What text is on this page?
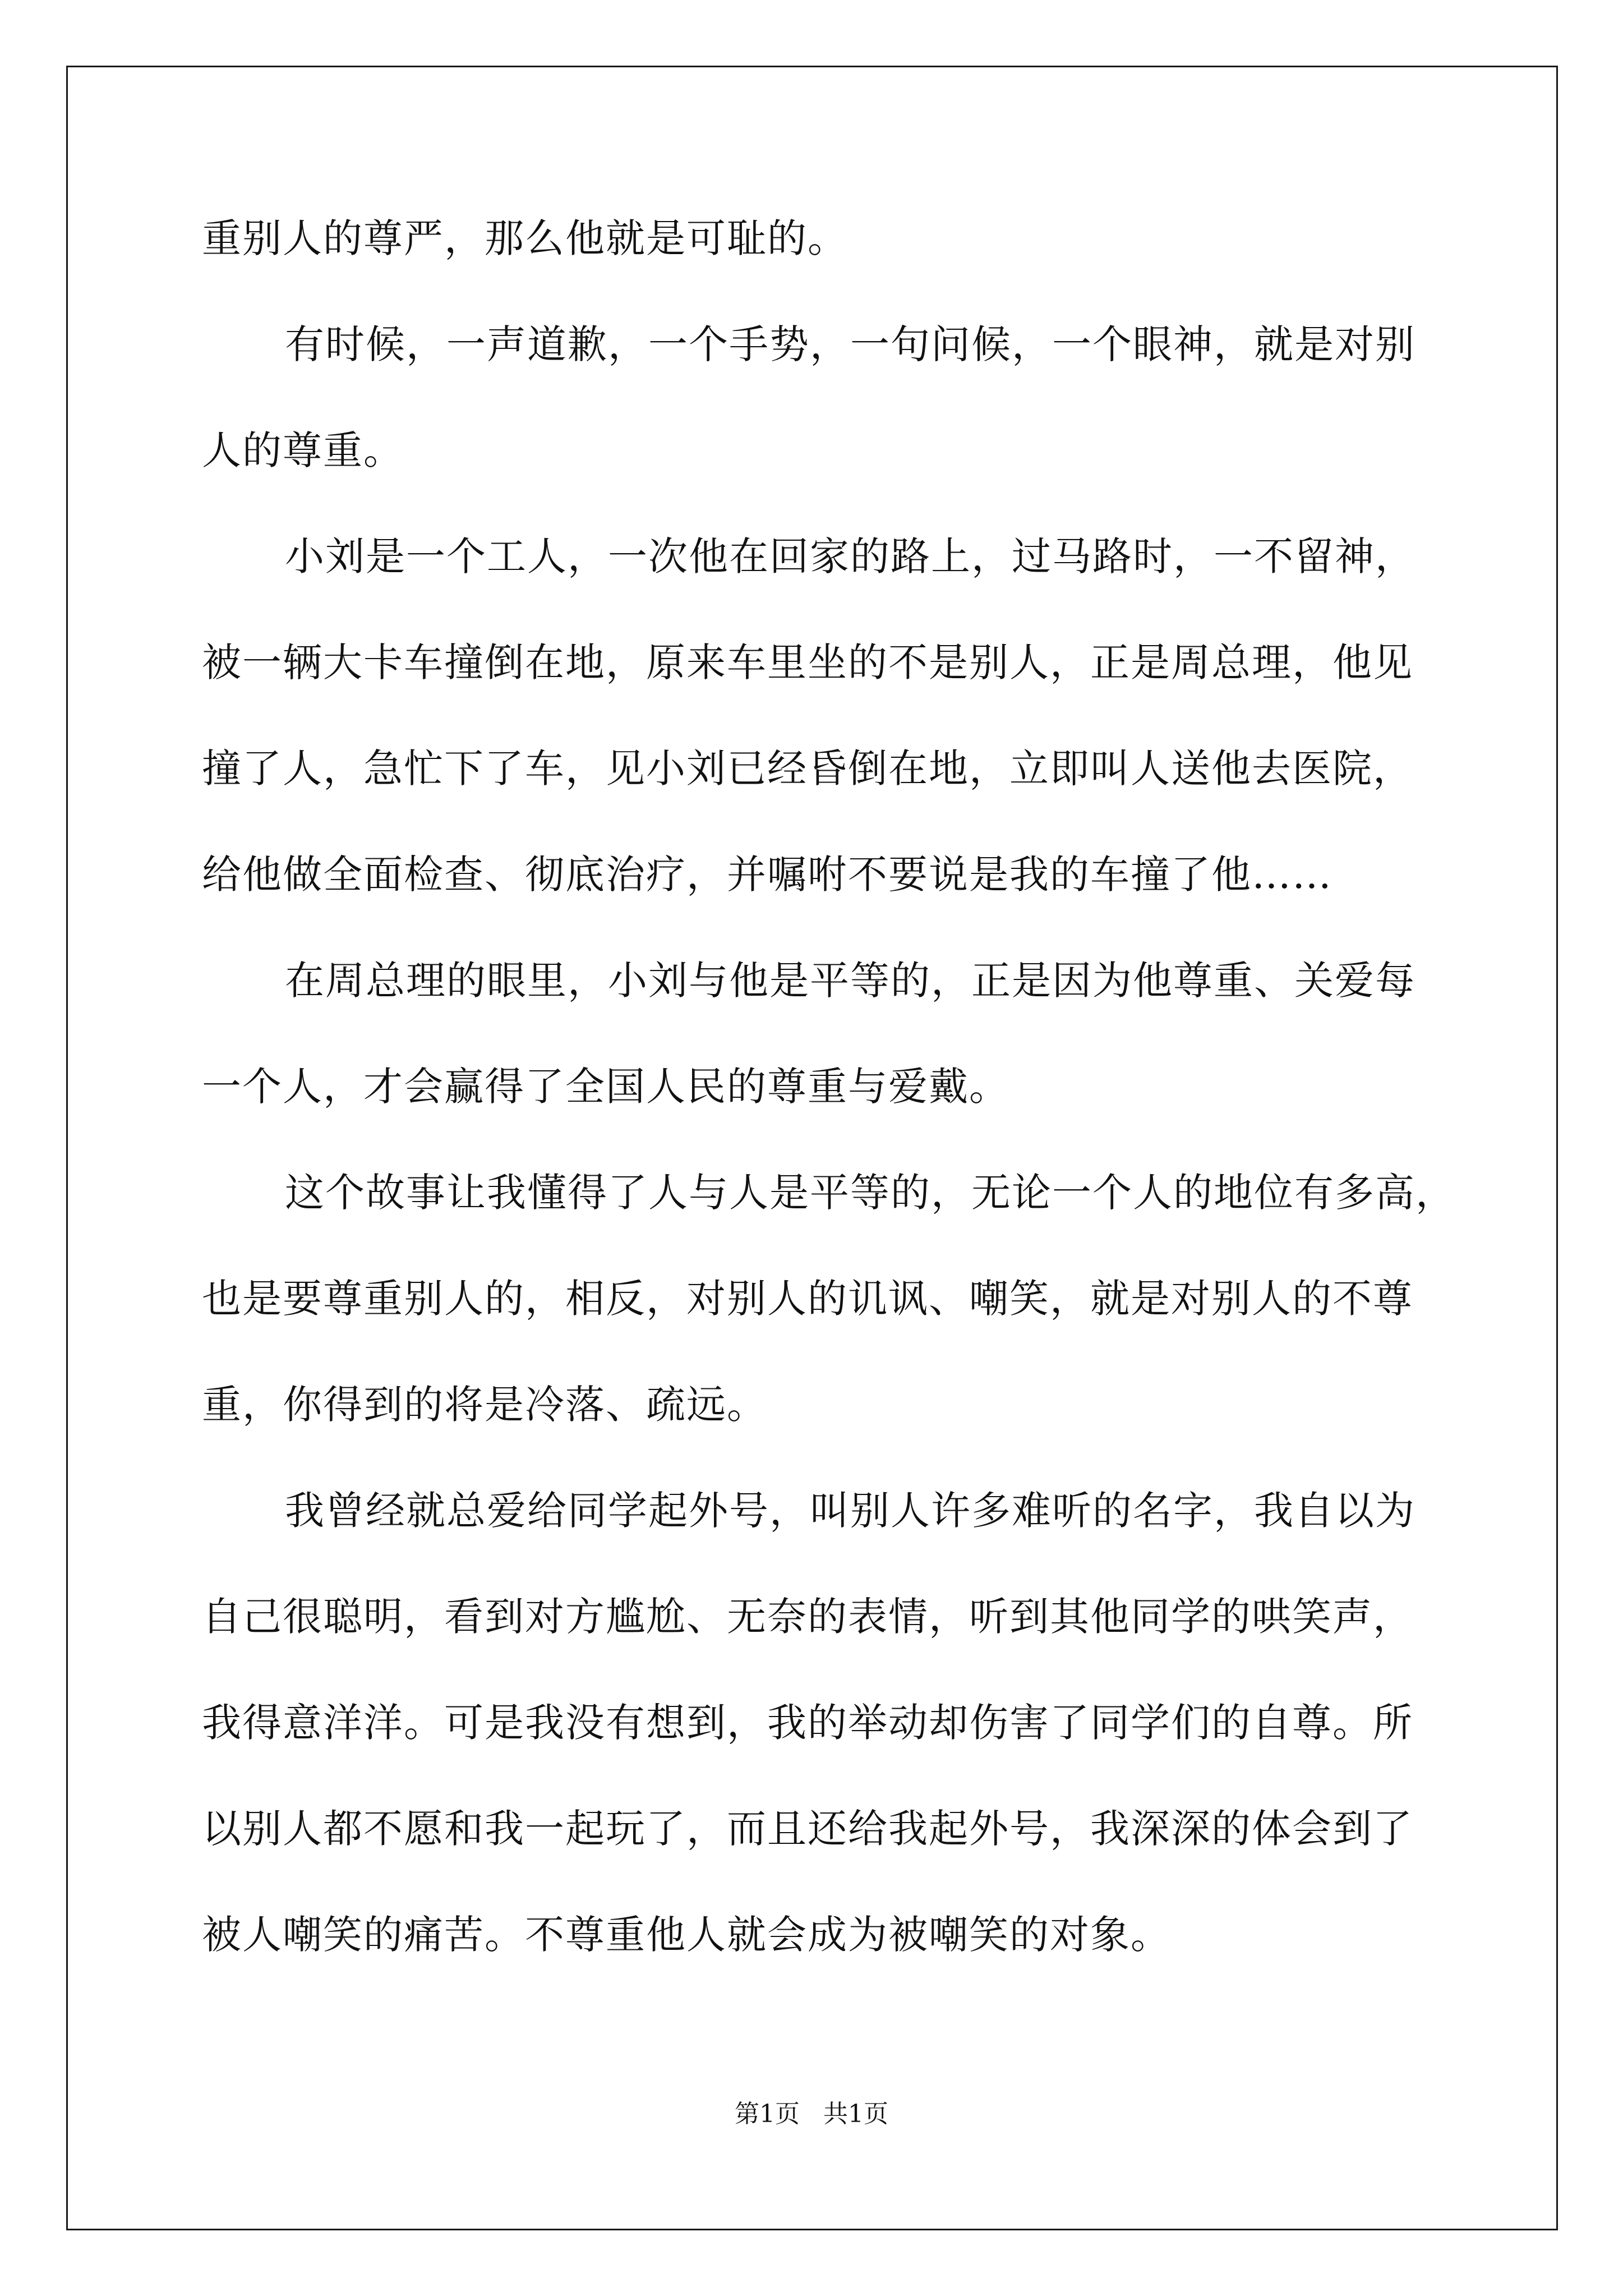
重别人的尊严，那么他就是可耻的。
有时候，一声道歉，一个手势，一句问候，一个眼神，就是对别
人的尊重。
小刘是一个工人，一次他在回家的路上，过马路时，一不留神，
被一辆大卡车撞倒在地，原来车里坐的不是别人，正是周总理，他见
撞了人，急忙下了车，见小刘已经昏倒在地，立即叫人送他去医院，
给他做全面检查、彻底治疗，并嘱咐不要说是我的车撞了他……
在周总理的眼里，小刘与他是平等的，正是因为他尊重、关爱每
一个人，才会赢得了全国人民的尊重与爱戴。
这个故事让我懂得了人与人是平等的，无论一个人的地位有多高，
也是要尊重别人的，相反，对别人的讥讽、嘲笑，就是对别人的不尊
重，你得到的将是冷落、疏远。
我曾经就总爱给同学起外号，叫别人许多难听的名字，我自以为
自己很聪明，看到对方尴尬、无奈的表情，听到其他同学的哄笑声，
我得意洋洋。可是我没有想到，我的举动却伤害了同学们的自尊。所
以别人都不愿和我一起玩了，而且还给我起外号，我深深的体会到了
被人嘲笑的痛苦。不尊重他人就会成为被嘲笑的对象。
第1页   共1页
